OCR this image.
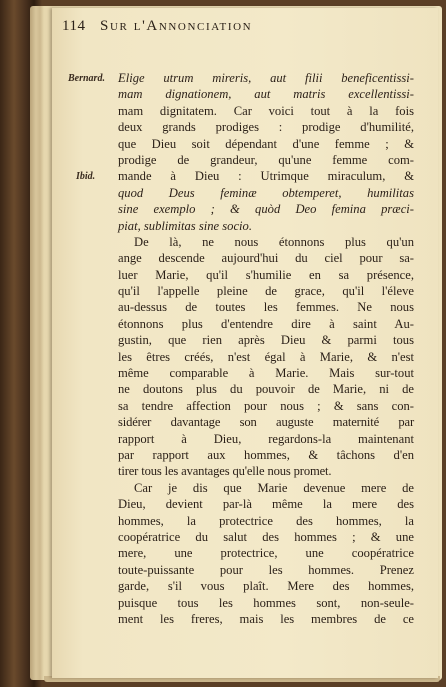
114 Sur l'Annonciation
Bernard.
Ibid.
Elige utrum mireris, aut filii beneficentissi-
mam dignationem, aut matris excellentissi-
mam dignitatem. Car voici tout à la fois
deux grands prodiges : prodige d'humilité,
que Dieu soit dépendant d'une femme ; &
prodige de grandeur, qu'une femme com-
mande à Dieu : Utrimque miraculum, &
quod Deus feminæ obtemperet, humilitas
sine exemplo ; & quòd Deo femina præci-
piat, sublimitas sine socio.
De là, ne nous étonnons plus qu'un
ange descende aujourd'hui du ciel pour sa-
luer Marie, qu'il s'humilie en sa présence,
qu'il l'appelle pleine de grace, qu'il l'éleve
au-dessus de toutes les femmes. Ne nous
étonnons plus d'entendre dire à saint Au-
gustin, que rien après Dieu & parmi tous
les êtres créés, n'est égal à Marie, & n'est
même comparable à Marie. Mais sur-tout
ne doutons plus du pouvoir de Marie, ni de
sa tendre affection pour nous ; & sans con-
sidérer davantage son auguste maternité par
rapport à Dieu, regardons-la maintenant
par rapport aux hommes, & tâchons d'en
tirer tous les avantages qu'elle nous promet.
Car je dis que Marie devenue mere de
Dieu, devient par-là même la mere des
hommes, la protectrice des hommes, la
coopératrice du salut des hommes ; & une
mere, une protectrice, une coopératrice
toute-puissante pour les hommes. Prenez
garde, s'il vous plaît. Mere des hommes,
puisque tous les hommes sont, non-seule-
ment les freres, mais les membres de ce
